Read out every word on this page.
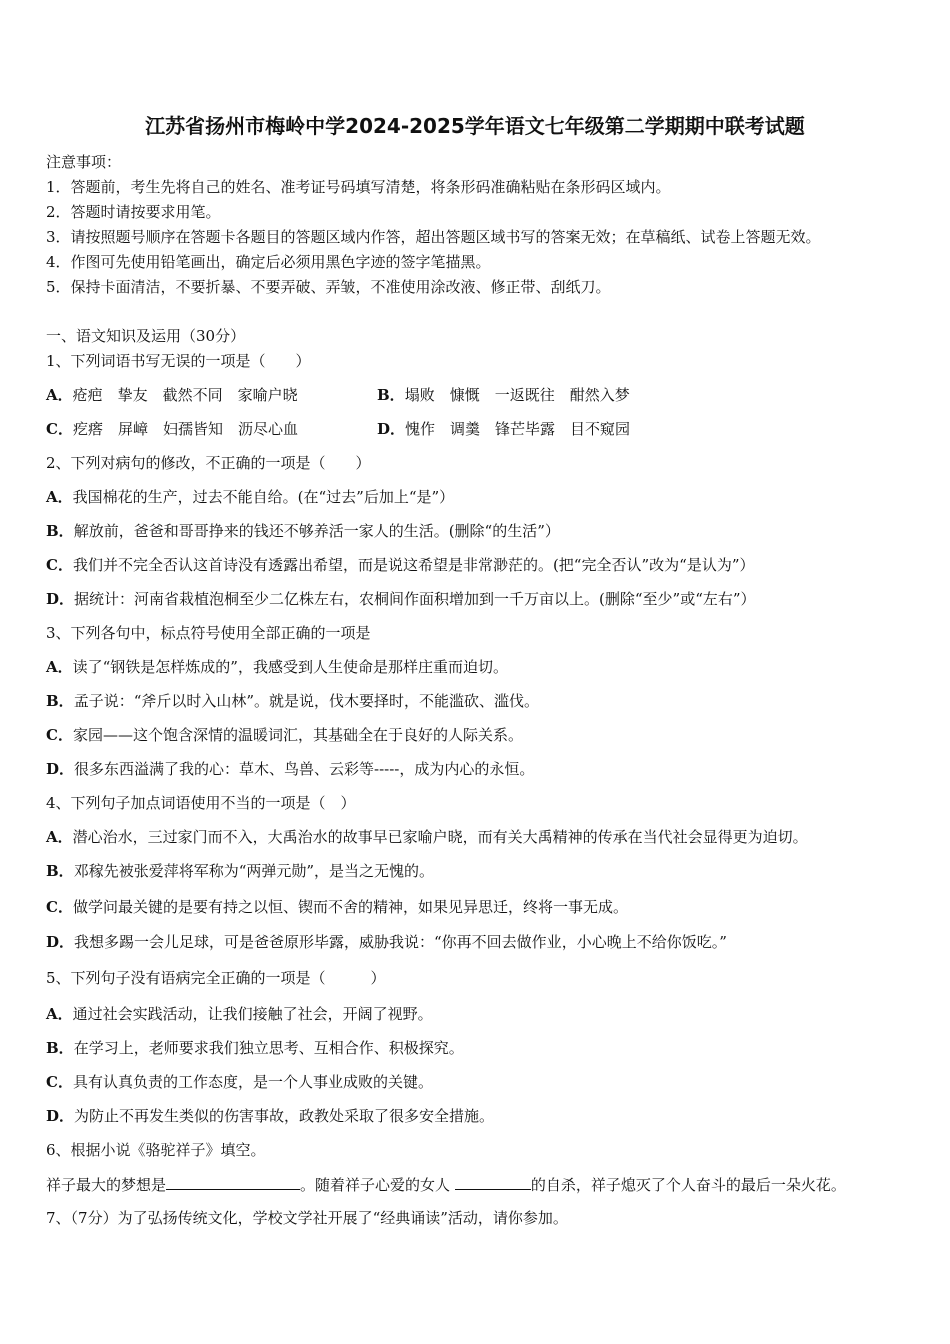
江苏省扬州市梅岭中学2024-2025学年语文七年级第二学期期中联考试题
注意事项：
1．答题前，考生先将自己的姓名、准考证号码填写清楚，将条形码准确粘贴在条形码区域内。
2．答题时请按要求用笔。
3．请按照题号顺序在答题卡各题目的答题区域内作答，超出答题区域书写的答案无效；在草稿纸、试卷上答题无效。
4．作图可先使用铅笔画出，确定后必须用黑色字迹的签字笔描黑。
5．保持卡面清洁，不要折暴、不要弄破、弄皱，不准使用涂改液、修正带、刮纸刀。
一、语文知识及运用（30分）
1、下列词语书写无误的一项是（　　）
A．疮疤　挚友　截然不同　家喻户晓	B．塌败　慷慨　一返既往　酣然入梦
C．疙瘩　屏嶂　妇孺皆知　沥尽心血	D．愧作　调羹　锋芒毕露　目不窥园
2、下列对病句的修改，不正确的一项是（　　）
A．我国棉花的生产，过去不能自给。(在“过去”后加上“是”）
B．解放前，爸爸和哥哥挣来的钱还不够养活一家人的生活。(删除“的生活”）
C．我们并不完全否认这首诗没有透露出希望，而是说这希望是非常渺茫的。(把“完全否认”改为“是认为”）
D．据统计：河南省栽植泡桐至少二亿株左右，农桐间作面积增加到一千万亩以上。(删除“至少”或“左右”）
3、下列各句中，标点符号使用全部正确的一项是
A．读了“钢铁是怎样炼成的”，我感受到人生使命是那样庄重而迫切。
B．孟子说：“斧斤以时入山林”。就是说，伐木要择时，不能滥砍、滥伐。
C．家园——这个饱含深情的温暖词汇，其基础全在于良好的人际关系。
D．很多东西溢满了我的心：草木、鸟兽、云彩等-----，成为内心的永恒。
4、下列句子加点词语使用不当的一项是（　）
A．潜心治水，三过家门而不入，大禹治水的故事早已家喻户晓，而有关大禹精神的传承在当代社会显得更为迫切。
B．邓稼先被张爱萍将军称为“两弹元勋”，是当之无愧的。
C．做学问最关键的是要有持之以恒、锲而不舍的精神，如果见异思迁，终将一事无成。
D．我想多踢一会儿足球，可是爸爸原形毕露，威胁我说：“你再不回去做作业，小心晚上不给你饭吃。”
5、下列句子没有语病完全正确的一项是（　　　）
A．通过社会实践活动，让我们接触了社会，开阔了视野。
B．在学习上，老师要求我们独立思考、互相合作、积极探究。
C．具有认真负责的工作态度，是一个人事业成败的关键。
D．为防止不再发生类似的伤害事故，政教处采取了很多安全措施。
6、根据小说《骆驼祥子》填空。
祥子最大的梦想是	。随着祥子心爱的女人	的自杀，祥子熄灭了个人奋斗的最后一朵火花。
7、（7分）为了弘扬传统文化，学校文学社开展了“经典诵读”活动，请你参加。
